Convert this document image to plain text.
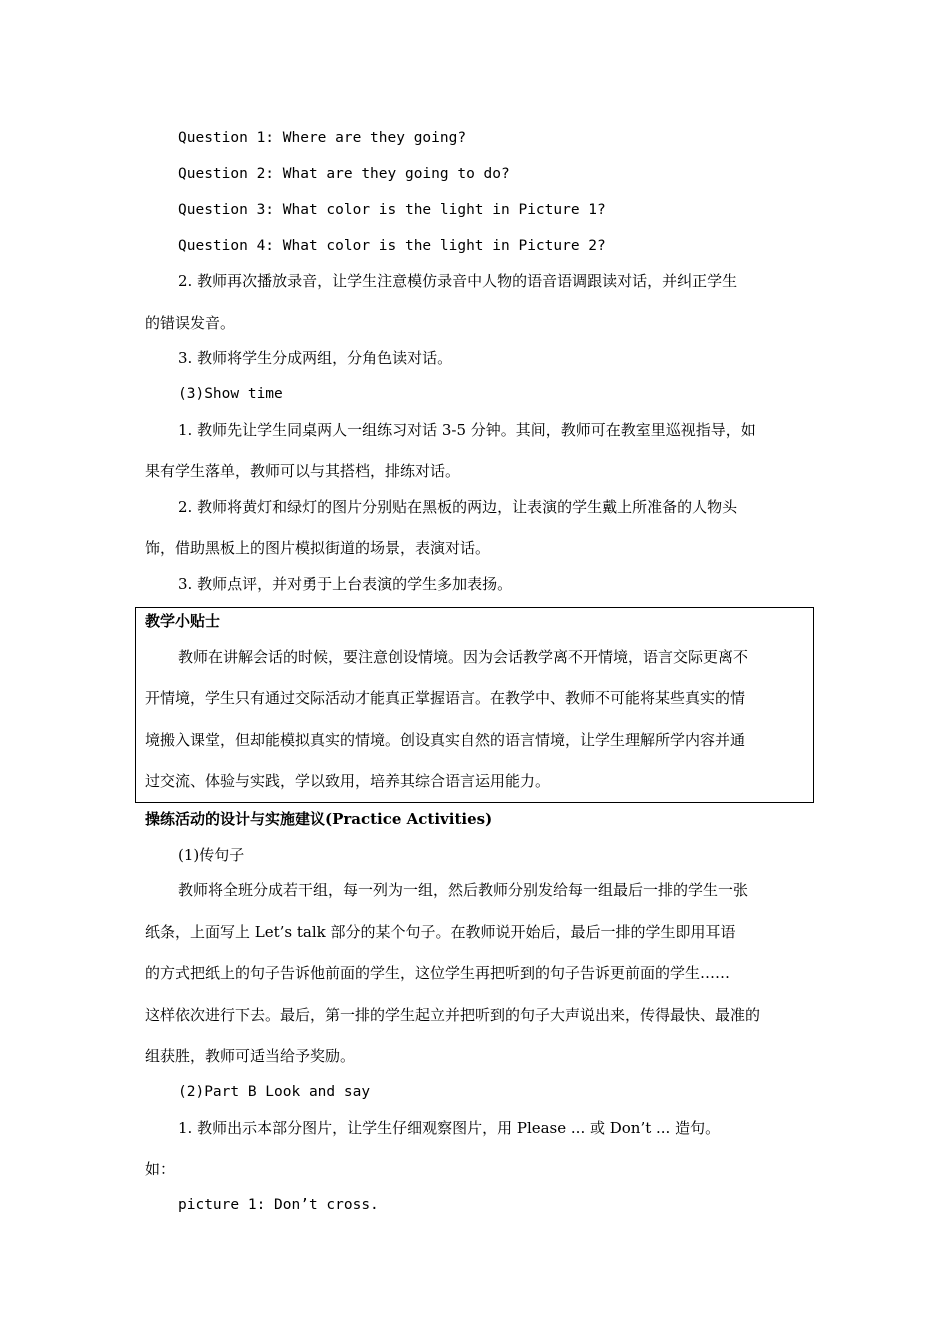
Question 1: Where are they going?
Question 2: What are they going to do?
Question 3: What color is the light in Picture 1?
Question 4: What color is the light in Picture 2?
2. 教师再次播放录音，让学生注意模仿录音中人物的语音语调跟读对话，并纠正学生
的错误发音。
3. 教师将学生分成两组，分角色读对话。
(3)Show time
1. 教师先让学生同桌两人一组练习对话 3-5 分钟。其间，教师可在教室里巡视指导，如
果有学生落单，教师可以与其搭档，排练对话。
2. 教师将黄灯和绿灯的图片分别贴在黑板的两边，让表演的学生戴上所准备的人物头
饰，借助黑板上的图片模拟街道的场景，表演对话。
3. 教师点评，并对勇于上台表演的学生多加表扬。
教学小贴士
教师在讲解会话的时候，要注意创设情境。因为会话教学离不开情境，语言交际更离不
开情境，学生只有通过交际活动才能真正掌握语言。在教学中、教师不可能将某些真实的情
境搬入课堂，但却能模拟真实的情境。创设真实自然的语言情境，让学生理解所学内容并通
过交流、体验与实践，学以致用，培养其综合语言运用能力。
操练活动的设计与实施建议(Practice Activities)
(1)传句子
教师将全班分成若干组，每一列为一组，然后教师分别发给每一组最后一排的学生一张
纸条，上面写上 Let’s talk 部分的某个句子。在教师说开始后，最后一排的学生即用耳语
的方式把纸上的句子告诉他前面的学生，这位学生再把听到的句子告诉更前面的学生……
这样依次进行下去。最后，第一排的学生起立并把听到的句子大声说出来，传得最快、最准的
组获胜，教师可适当给予奖励。
(2)Part B Look and say
1. 教师出示本部分图片，让学生仔细观察图片，用 Please ... 或 Don’t ... 造句。
如：
picture 1: Don’t cross.
